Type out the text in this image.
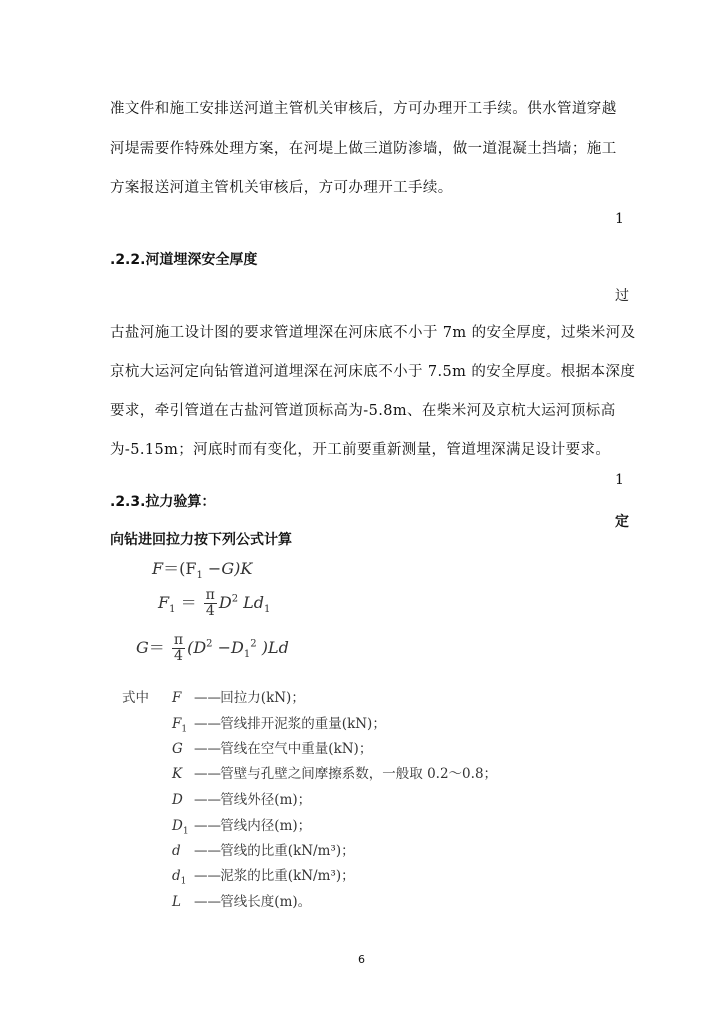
准文件和施工安排送河道主管机关审核后，方可办理开工手续。供水管道穿越
河堤需要作特殊处理方案，在河堤上做三道防渗墙，做一道混凝土挡墙；施工
方案报送河道主管机关审核后，方可办理开工手续。
1
.2.2.河道埋深安全厚度
过
古盐河施工设计图的要求管道埋深在河床底不小于 7m 的安全厚度，过柴米河及
京杭大运河定向钻管道河道埋深在河床底不小于 7.5m 的安全厚度。根据本深度
要求，牵引管道在古盐河管道顶标高为-5.8m、在柴米河及京杭大运河顶标高
为-5.15m；河底时而有变化，开工前要重新测量，管道埋深满足设计要求。
1
.2.3.拉力验算：
定
向钻进回拉力按下列公式计算
$F=(F_1 -G)K$
$F_1 = \frac{\pi}{4} D^2$ $Ld_1$
$G= \frac{\pi}{4} (D^2 -D_1^2$ )Ld
式中 F —— 回拉力(kN)；
$F_1$ —— 管线排开泥浆的重量(kN)；
G —— 管线在空气中重量(kN)；
K —— 管壁与孔壁之间摩擦系数，一般取 0.2～0.8；
D —— 管线外径(m)；
$D_1$ —— 管线内径(m)；
d —— 管线的比重(kN/m³)；
$d_1$ —— 泥浆的比重(kN/m³)；
L —— 管线长度(m)。
6
